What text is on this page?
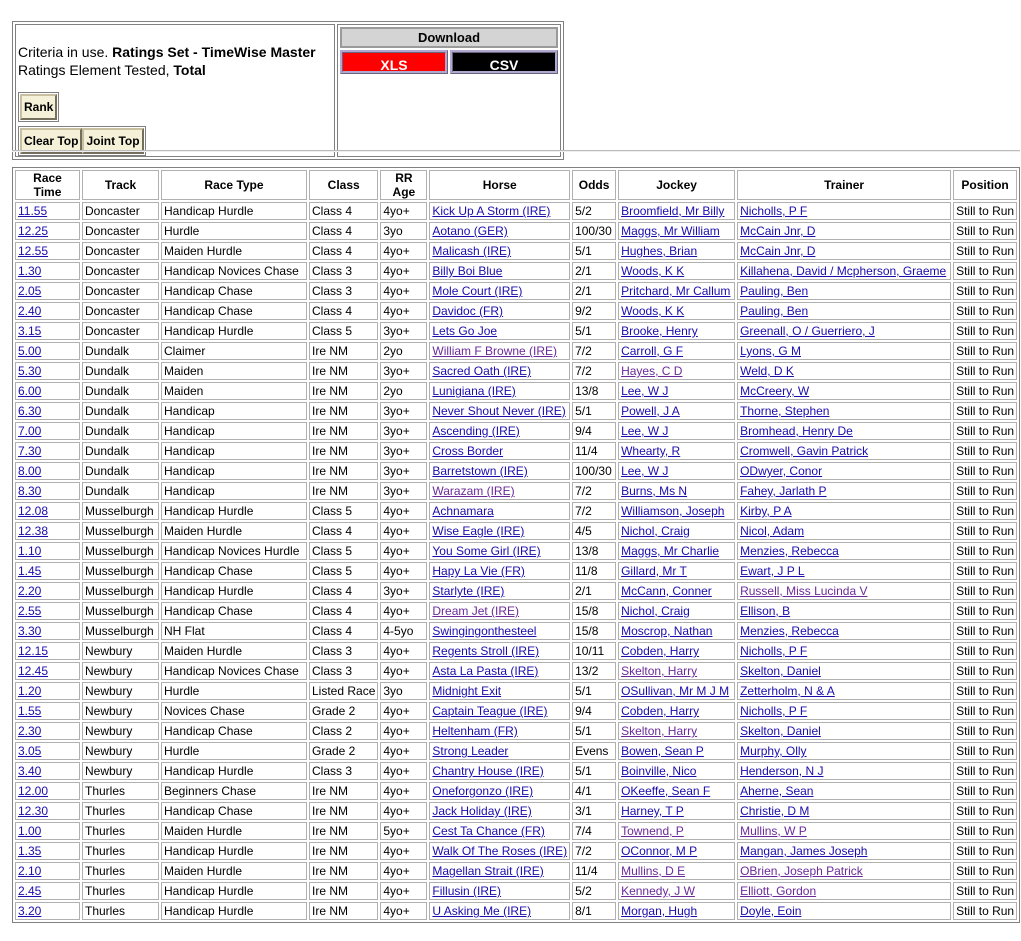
Criteria in use. Ratings Set - TimeWise Master
Ratings Element Tested, Total
Rank
Clear Top Joint Top	
Download
XLS	CSV
Race Time	Track	Race Type	Class	RR Age	Horse	Odds	Jockey	Trainer	Position
11.55	Doncaster	Handicap Hurdle	Class 4	4yo+	Kick Up A Storm (IRE)	5/2	Broomfield, Mr Billy	Nicholls, P F	Still to Run
12.25	Doncaster	Hurdle	Class 4	3yo	Aotano (GER)	100/30	Maggs, Mr William	McCain Jnr, D	Still to Run
12.55	Doncaster	Maiden Hurdle	Class 4	4yo+	Malicash (IRE)	5/1	Hughes, Brian	McCain Jnr, D	Still to Run
1.30	Doncaster	Handicap Novices Chase	Class 3	4yo+	Billy Boi Blue	2/1	Woods, K K	Killahena, David / Mcpherson, Graeme	Still to Run
2.05	Doncaster	Handicap Chase	Class 3	4yo+	Mole Court (IRE)	2/1	Pritchard, Mr Callum	Pauling, Ben	Still to Run
2.40	Doncaster	Handicap Chase	Class 4	4yo+	Davidoc (FR)	9/2	Woods, K K	Pauling, Ben	Still to Run
3.15	Doncaster	Handicap Hurdle	Class 5	3yo+	Lets Go Joe	5/1	Brooke, Henry	Greenall, O / Guerriero, J	Still to Run
5.00	Dundalk	Claimer	Ire NM	2yo	William F Browne (IRE)	7/2	Carroll, G F	Lyons, G M	Still to Run
5.30	Dundalk	Maiden	Ire NM	3yo+	Sacred Oath (IRE)	7/2	Hayes, C D	Weld, D K	Still to Run
6.00	Dundalk	Maiden	Ire NM	2yo	Lunigiana (IRE)	13/8	Lee, W J	McCreery, W	Still to Run
6.30	Dundalk	Handicap	Ire NM	3yo+	Never Shout Never (IRE)	5/1	Powell, J A	Thorne, Stephen	Still to Run
7.00	Dundalk	Handicap	Ire NM	3yo+	Ascending (IRE)	9/4	Lee, W J	Bromhead, Henry De	Still to Run
7.30	Dundalk	Handicap	Ire NM	3yo+	Cross Border	11/4	Whearty, R	Cromwell, Gavin Patrick	Still to Run
8.00	Dundalk	Handicap	Ire NM	3yo+	Barretstown (IRE)	100/30	Lee, W J	ODwyer, Conor	Still to Run
8.30	Dundalk	Handicap	Ire NM	3yo+	Warazam (IRE)	7/2	Burns, Ms N	Fahey, Jarlath P	Still to Run
12.08	Musselburgh	Handicap Hurdle	Class 5	4yo+	Achnamara	7/2	Williamson, Joseph	Kirby, P A	Still to Run
12.38	Musselburgh	Maiden Hurdle	Class 4	4yo+	Wise Eagle (IRE)	4/5	Nichol, Craig	Nicol, Adam	Still to Run
1.10	Musselburgh	Handicap Novices Hurdle	Class 5	4yo+	You Some Girl (IRE)	13/8	Maggs, Mr Charlie	Menzies, Rebecca	Still to Run
1.45	Musselburgh	Handicap Chase	Class 5	4yo+	Hapy La Vie (FR)	11/8	Gillard, Mr T	Ewart, J P L	Still to Run
2.20	Musselburgh	Handicap Hurdle	Class 4	3yo+	Starlyte (IRE)	2/1	McCann, Conner	Russell, Miss Lucinda V	Still to Run
2.55	Musselburgh	Handicap Chase	Class 4	4yo+	Dream Jet (IRE)	15/8	Nichol, Craig	Ellison, B	Still to Run
3.30	Musselburgh	NH Flat	Class 4	4-5yo	Swingingonthesteel	15/8	Moscrop, Nathan	Menzies, Rebecca	Still to Run
12.15	Newbury	Maiden Hurdle	Class 3	4yo+	Regents Stroll (IRE)	10/11	Cobden, Harry	Nicholls, P F	Still to Run
12.45	Newbury	Handicap Novices Chase	Class 3	4yo+	Asta La Pasta (IRE)	13/2	Skelton, Harry	Skelton, Daniel	Still to Run
1.20	Newbury	Hurdle	Listed Race	3yo	Midnight Exit	5/1	OSullivan, Mr M J M	Zetterholm, N & A	Still to Run
1.55	Newbury	Novices Chase	Grade 2	4yo+	Captain Teague (IRE)	9/4	Cobden, Harry	Nicholls, P F	Still to Run
2.30	Newbury	Handicap Chase	Class 2	4yo+	Heltenham (FR)	5/1	Skelton, Harry	Skelton, Daniel	Still to Run
3.05	Newbury	Hurdle	Grade 2	4yo+	Strong Leader	Evens	Bowen, Sean P	Murphy, Olly	Still to Run
3.40	Newbury	Handicap Hurdle	Class 3	4yo+	Chantry House (IRE)	5/1	Boinville, Nico	Henderson, N J	Still to Run
12.00	Thurles	Beginners Chase	Ire NM	4yo+	Oneforgonzo (IRE)	4/1	OKeeffe, Sean F	Aherne, Sean	Still to Run
12.30	Thurles	Handicap Chase	Ire NM	4yo+	Jack Holiday (IRE)	3/1	Harney, T P	Christie, D M	Still to Run
1.00	Thurles	Maiden Hurdle	Ire NM	5yo+	Cest Ta Chance (FR)	7/4	Townend, P	Mullins, W P	Still to Run
1.35	Thurles	Handicap Hurdle	Ire NM	4yo+	Walk Of The Roses (IRE)	7/2	OConnor, M P	Mangan, James Joseph	Still to Run
2.10	Thurles	Maiden Hurdle	Ire NM	4yo+	Magellan Strait (IRE)	11/4	Mullins, D E	OBrien, Joseph Patrick	Still to Run
2.45	Thurles	Handicap Hurdle	Ire NM	4yo+	Fillusin (IRE)	5/2	Kennedy, J W	Elliott, Gordon	Still to Run
3.20	Thurles	Handicap Hurdle	Ire NM	4yo+	U Asking Me (IRE)	8/1	Morgan, Hugh	Doyle, Eoin	Still to Run
